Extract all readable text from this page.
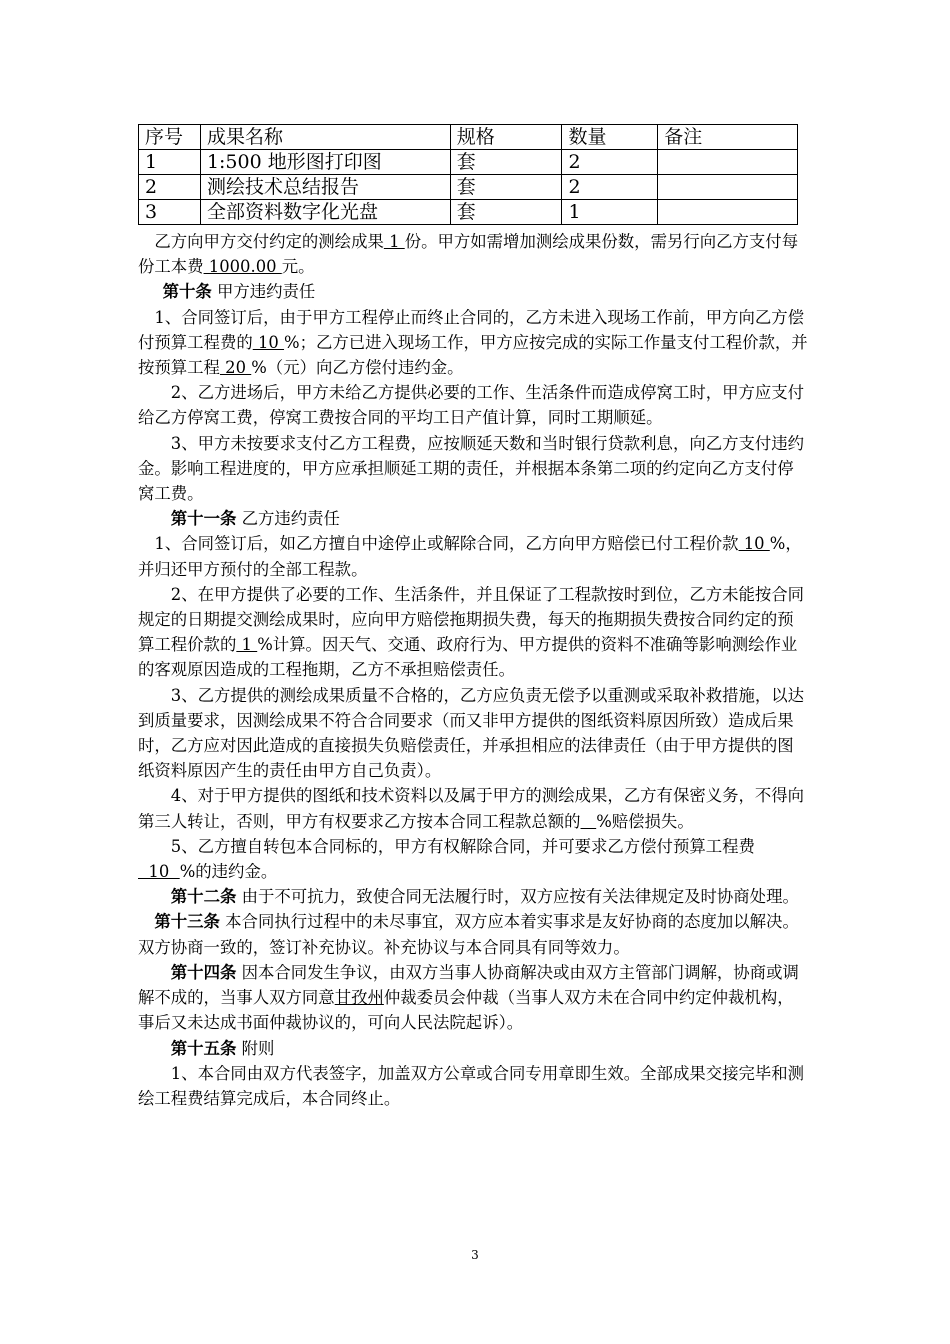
序号	成果名称	规格	数量	备注
1	1:500 地形图打印图	套	2	
2	测绘技术总结报告	套	2	
3	全部资料数字化光盘	套	1	

乙方向甲方交付约定的测绘成果 1 份。甲方如需增加测绘成果份数，需另行向乙方支付每份工本费 1000.00 元。

第十条 甲方违约责任

1、合同签订后，由于甲方工程停止而终止合同的，乙方未进入现场工作前，甲方向乙方偿付预算工程费的 10 %；乙方已进入现场工作，甲方应按完成的实际工作量支付工程价款，并按预算工程 20 %（元）向乙方偿付违约金。

2、乙方进场后，甲方未给乙方提供必要的工作、生活条件而造成停窝工时，甲方应支付给乙方停窝工费，停窝工费按合同的平均工日产值计算，同时工期顺延。

3、甲方未按要求支付乙方工程费，应按顺延天数和当时银行贷款利息，向乙方支付违约金。影响工程进度的，甲方应承担顺延工期的责任，并根据本条第二项的约定向乙方支付停窝工费。

第十一条 乙方违约责任

1、合同签订后，如乙方擅自中途停止或解除合同，乙方向甲方赔偿已付工程价款 10 %，并归还甲方预付的全部工程款。

2、在甲方提供了必要的工作、生活条件，并且保证了工程款按时到位，乙方未能按合同规定的日期提交测绘成果时，应向甲方赔偿拖期损失费，每天的拖期损失费按合同约定的预算工程价款的 1 %计算。因天气、交通、政府行为、甲方提供的资料不准确等影响测绘作业的客观原因造成的工程拖期，乙方不承担赔偿责任。

3、乙方提供的测绘成果质量不合格的，乙方应负责无偿予以重测或采取补救措施，以达到质量要求，因测绘成果不符合合同要求（而又非甲方提供的图纸资料原因所致）造成后果时，乙方应对因此造成的直接损失负赔偿责任，并承担相应的法律责任（由于甲方提供的图纸资料原因产生的责任由甲方自己负责）。

4、对于甲方提供的图纸和技术资料以及属于甲方的测绘成果，乙方有保密义务，不得向第三人转让，否则，甲方有权要求乙方按本合同工程款总额的 %赔偿损失。

5、乙方擅自转包本合同标的，甲方有权解除合同，并可要求乙方偿付预算工程费  10  %的违约金。

第十二条 由于不可抗力，致使合同无法履行时，双方应按有关法律规定及时协商处理。

第十三条 本合同执行过程中的未尽事宜，双方应本着实事求是友好协商的态度加以解决。双方协商一致的，签订补充协议。补充协议与本合同具有同等效力。

第十四条 因本合同发生争议，由双方当事人协商解决或由双方主管部门调解，协商或调解不成的，当事人双方同意甘孜州仲裁委员会仲裁（当事人双方未在合同中约定仲裁机构，事后又未达成书面仲裁协议的，可向人民法院起诉）。

第十五条 附则

1、本合同由双方代表签字，加盖双方公章或合同专用章即生效。全部成果交接完毕和测绘工程费结算完成后，本合同终止。

3
